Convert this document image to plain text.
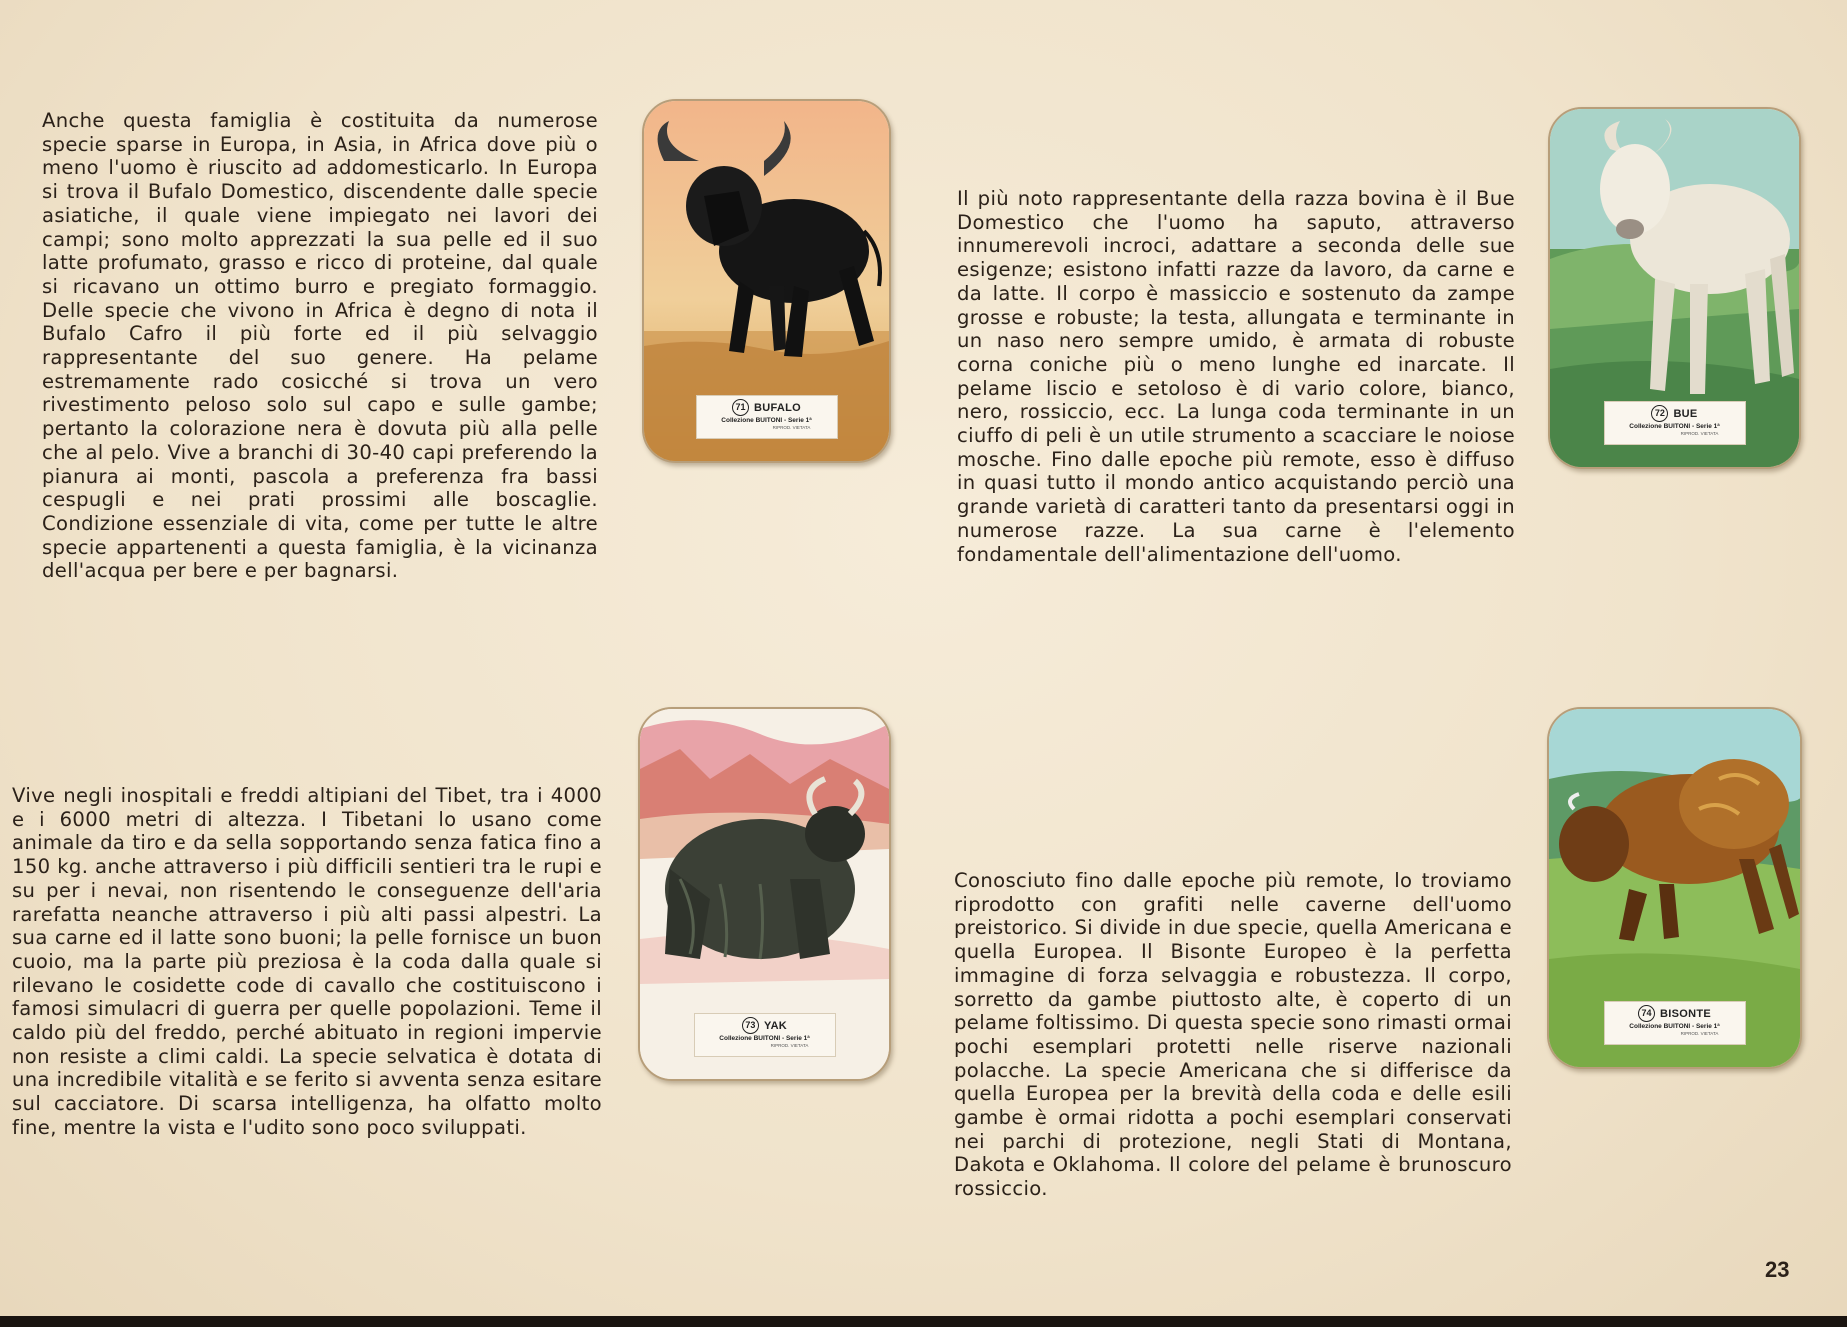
Anche questa famiglia è costituita da numerose specie sparse in Europa, in Asia, in Africa dove più o meno l'uomo è riuscito ad addomesticarlo. In Europa si trova il Bufalo Domestico, discendente dalle specie asiatiche, il quale viene impiegato nei lavori dei campi; sono molto apprezzati la sua pelle ed il suo latte profumato, grasso e ricco di proteine, dal quale si ricavano un ottimo burro e pregiato formaggio. Delle specie che vivono in Africa è degno di nota il Bufalo Cafro il più forte ed il più selvaggio rappresentante del suo genere. Ha pelame estremamente rado cosicché si trova un vero rivestimento peloso solo sul capo e sulle gambe; pertanto la colorazione nera è dovuta più alla pelle che al pelo. Vive a branchi di 30-40 capi preferendo la pianura ai monti, pascola a preferenza fra bassi cespugli e nei prati prossimi alle boscaglie. Condizione essenziale di vita, come per tutte le altre specie appartenenti a questa famiglia, è la vicinanza dell'acqua per bere e per bagnarsi.

71 BUFALO
Collezione BUITONI - Serie 1ª
RIPROD. VIETATA

Il più noto rappresentante della razza bovina è il Bue Domestico che l'uomo ha saputo, attraverso innumerevoli incroci, adattare a seconda delle sue esigenze; esistono infatti razze da lavoro, da carne e da latte. Il corpo è massiccio e sostenuto da zampe grosse e robuste; la testa, allungata e terminante in un naso nero sempre umido, è armata di robuste corna coniche più o meno lunghe ed inarcate. Il pelame liscio e setoloso è di vario colore, bianco, nero, rossiccio, ecc. La lunga coda terminante in un ciuffo di peli è un utile strumento a scacciare le noiose mosche. Fino dalle epoche più remote, esso è diffuso in quasi tutto il mondo antico acquistando perciò una grande varietà di caratteri tanto da presentarsi oggi in numerose razze. La sua carne è l'elemento fondamentale dell'alimentazione dell'uomo.

72 BUE
Collezione BUITONI - Serie 1ª
RIPROD. VIETATA

Vive negli inospitali e freddi altipiani del Tibet, tra i 4000 e i 6000 metri di altezza. I Tibetani lo usano come animale da tiro e da sella sopportando senza fatica fino a 150 kg. anche attraverso i più difficili sentieri tra le rupi e su per i nevai, non risentendo le conseguenze dell'aria rarefatta neanche attraverso i più alti passi alpestri. La sua carne ed il latte sono buoni; la pelle fornisce un buon cuoio, ma la parte più preziosa è la coda dalla quale si rilevano le cosidette code di cavallo che costituiscono i famosi simulacri di guerra per quelle popolazioni. Teme il caldo più del freddo, perché abituato in regioni impervie non resiste a climi caldi. La specie selvatica è dotata di una incredibile vitalità e se ferito si avventa senza esitare sul cacciatore. Di scarsa intelligenza, ha olfatto molto fine, mentre la vista e l'udito sono poco sviluppati.

73 YAK
Collezione BUITONI - Serie 1ª
RIPROD. VIETATA

Conosciuto fino dalle epoche più remote, lo troviamo riprodotto con grafiti nelle caverne dell'uomo preistorico. Si divide in due specie, quella Americana e quella Europea. Il Bisonte Europeo è la perfetta immagine di forza selvaggia e robustezza. Il corpo, sorretto da gambe piuttosto alte, è coperto di un pelame foltissimo. Di questa specie sono rimasti ormai pochi esemplari protetti nelle riserve nazionali polacche. La specie Americana che si differisce da quella Europea per la brevità della coda e delle esili gambe è ormai ridotta a pochi esemplari conservati nei parchi di protezione, negli Stati di Montana, Dakota e Oklahoma. Il colore del pelame è brunoscuro rossiccio.

74 BISONTE
Collezione BUITONI - Serie 1ª
RIPROD. VIETATA
23
